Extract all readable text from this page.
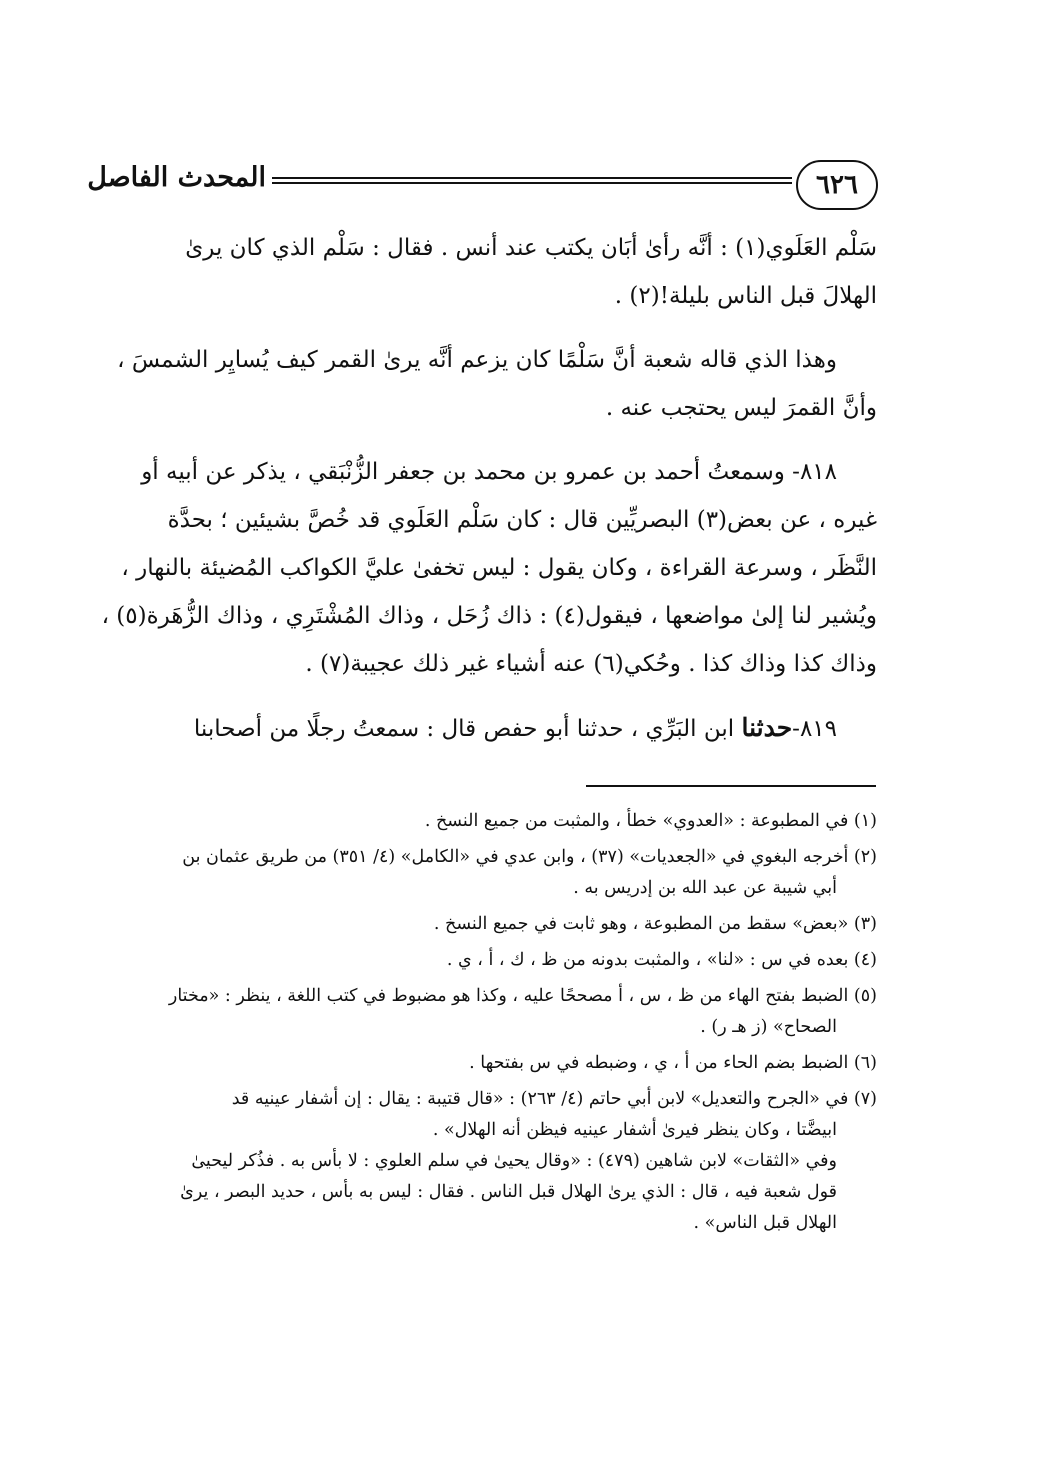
٦٢٦
المحدث الفاصل
سَلْم العَلَوي(١) : أنَّه رأىٰ أبَان يكتب عند أنس . فقال : سَلْم الذي كان يرىٰ
الهلالَ قبل الناس بليلة!(٢) .
وهذا الذي قاله شعبة أنَّ سَلْمًا كان يزعم أنَّه يرىٰ القمر كيف يُسايِر الشمسَ ،
وأنَّ القمرَ ليس يحتجب عنه .
٨١٨- وسمعتُ أحمد بن عمرو بن محمد بن جعفر الزُّنْبَقي ، يذكر عن أبيه أو
غيره ، عن بعض(٣) البصريِّين قال : كان سَلْم العَلَوي قد خُصَّ بشيئين ؛ بحدَّة
النَّظَر ، وسرعة القراءة ، وكان يقول : ليس تخفىٰ عليَّ الكواكب المُضيئة بالنهار ،
ويُشير لنا إلىٰ مواضعها ، فيقول(٤) : ذاك زُحَل ، وذاك المُشْتَرِي ، وذاك الزُّهَرة(٥) ،
وذاك كذا وذاك كذا . وحُكي(٦) عنه أشياء غير ذلك عجيبة(٧) .
٨١٩-حدثنا ابن البَرِّي ، حدثنا أبو حفص قال : سمعتُ رجلًا من أصحابنا
(١) في المطبوعة : «العدوي» خطأ ، والمثبت من جميع النسخ .
(٢) أخرجه البغوي في «الجعديات» (٣٧) ، وابن عدي في «الكامل» (٤/ ٣٥١) من طريق عثمان بن
أبي شيبة عن عبد الله بن إدريس به .
(٣) «بعض» سقط من المطبوعة ، وهو ثابت في جميع النسخ .
(٤) بعده في س : «لنا» ، والمثبت بدونه من ظ ، ك ، أ ، ي .
(٥) الضبط بفتح الهاء من ظ ، س ، أ مصححًا عليه ، وكذا هو مضبوط في كتب اللغة ، ينظر : «مختار
الصحاح» (ز هـ ر) .
(٦) الضبط بضم الحاء من أ ، ي ، وضبطه في س بفتحها .
(٧) في «الجرح والتعديل» لابن أبي حاتم (٤/ ٢٦٣) : «قال قتيبة : يقال : إن أشفار عينيه قد
ابيضَّتا ، وكان ينظر فيرىٰ أشفار عينيه فيظن أنه الهلال» .
وفي «الثقات» لابن شاهين (٤٧٩) : «وقال يحيىٰ في سلم العلوي : لا بأس به . فذُكر ليحيىٰ
قول شعبة فيه ، قال : الذي يرىٰ الهلال قبل الناس . فقال : ليس به بأس ، حديد البصر ، يرىٰ
الهلال قبل الناس» .
